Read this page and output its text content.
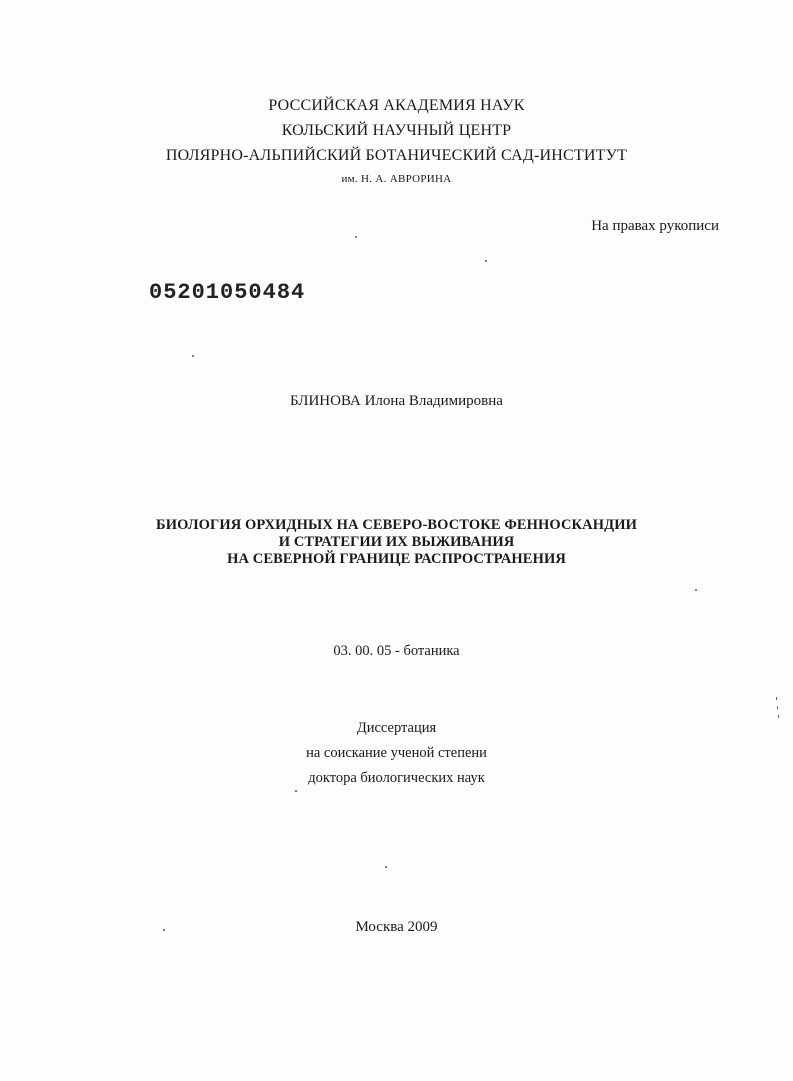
РОССИЙСКАЯ АКАДЕМИЯ НАУК
КОЛЬСКИЙ НАУЧНЫЙ ЦЕНТР
ПОЛЯРНО-АЛЬПИЙСКИЙ БОТАНИЧЕСКИЙ САД-ИНСТИТУТ
им. Н. А. АВРОРИНА
На правах рукописи
05201050484
БЛИНОВА Илона Владимировна
БИОЛОГИЯ ОРХИДНЫХ НА СЕВЕРО-ВОСТОКЕ ФЕННОСКАНДИИ
И СТРАТЕГИИ ИХ ВЫЖИВАНИЯ
НА СЕВЕРНОЙ ГРАНИЦЕ РАСПРОСТРАНЕНИЯ
03. 00. 05 - ботаника
Диссертация
на соискание ученой степени
доктора биологических наук
Москва 2009
